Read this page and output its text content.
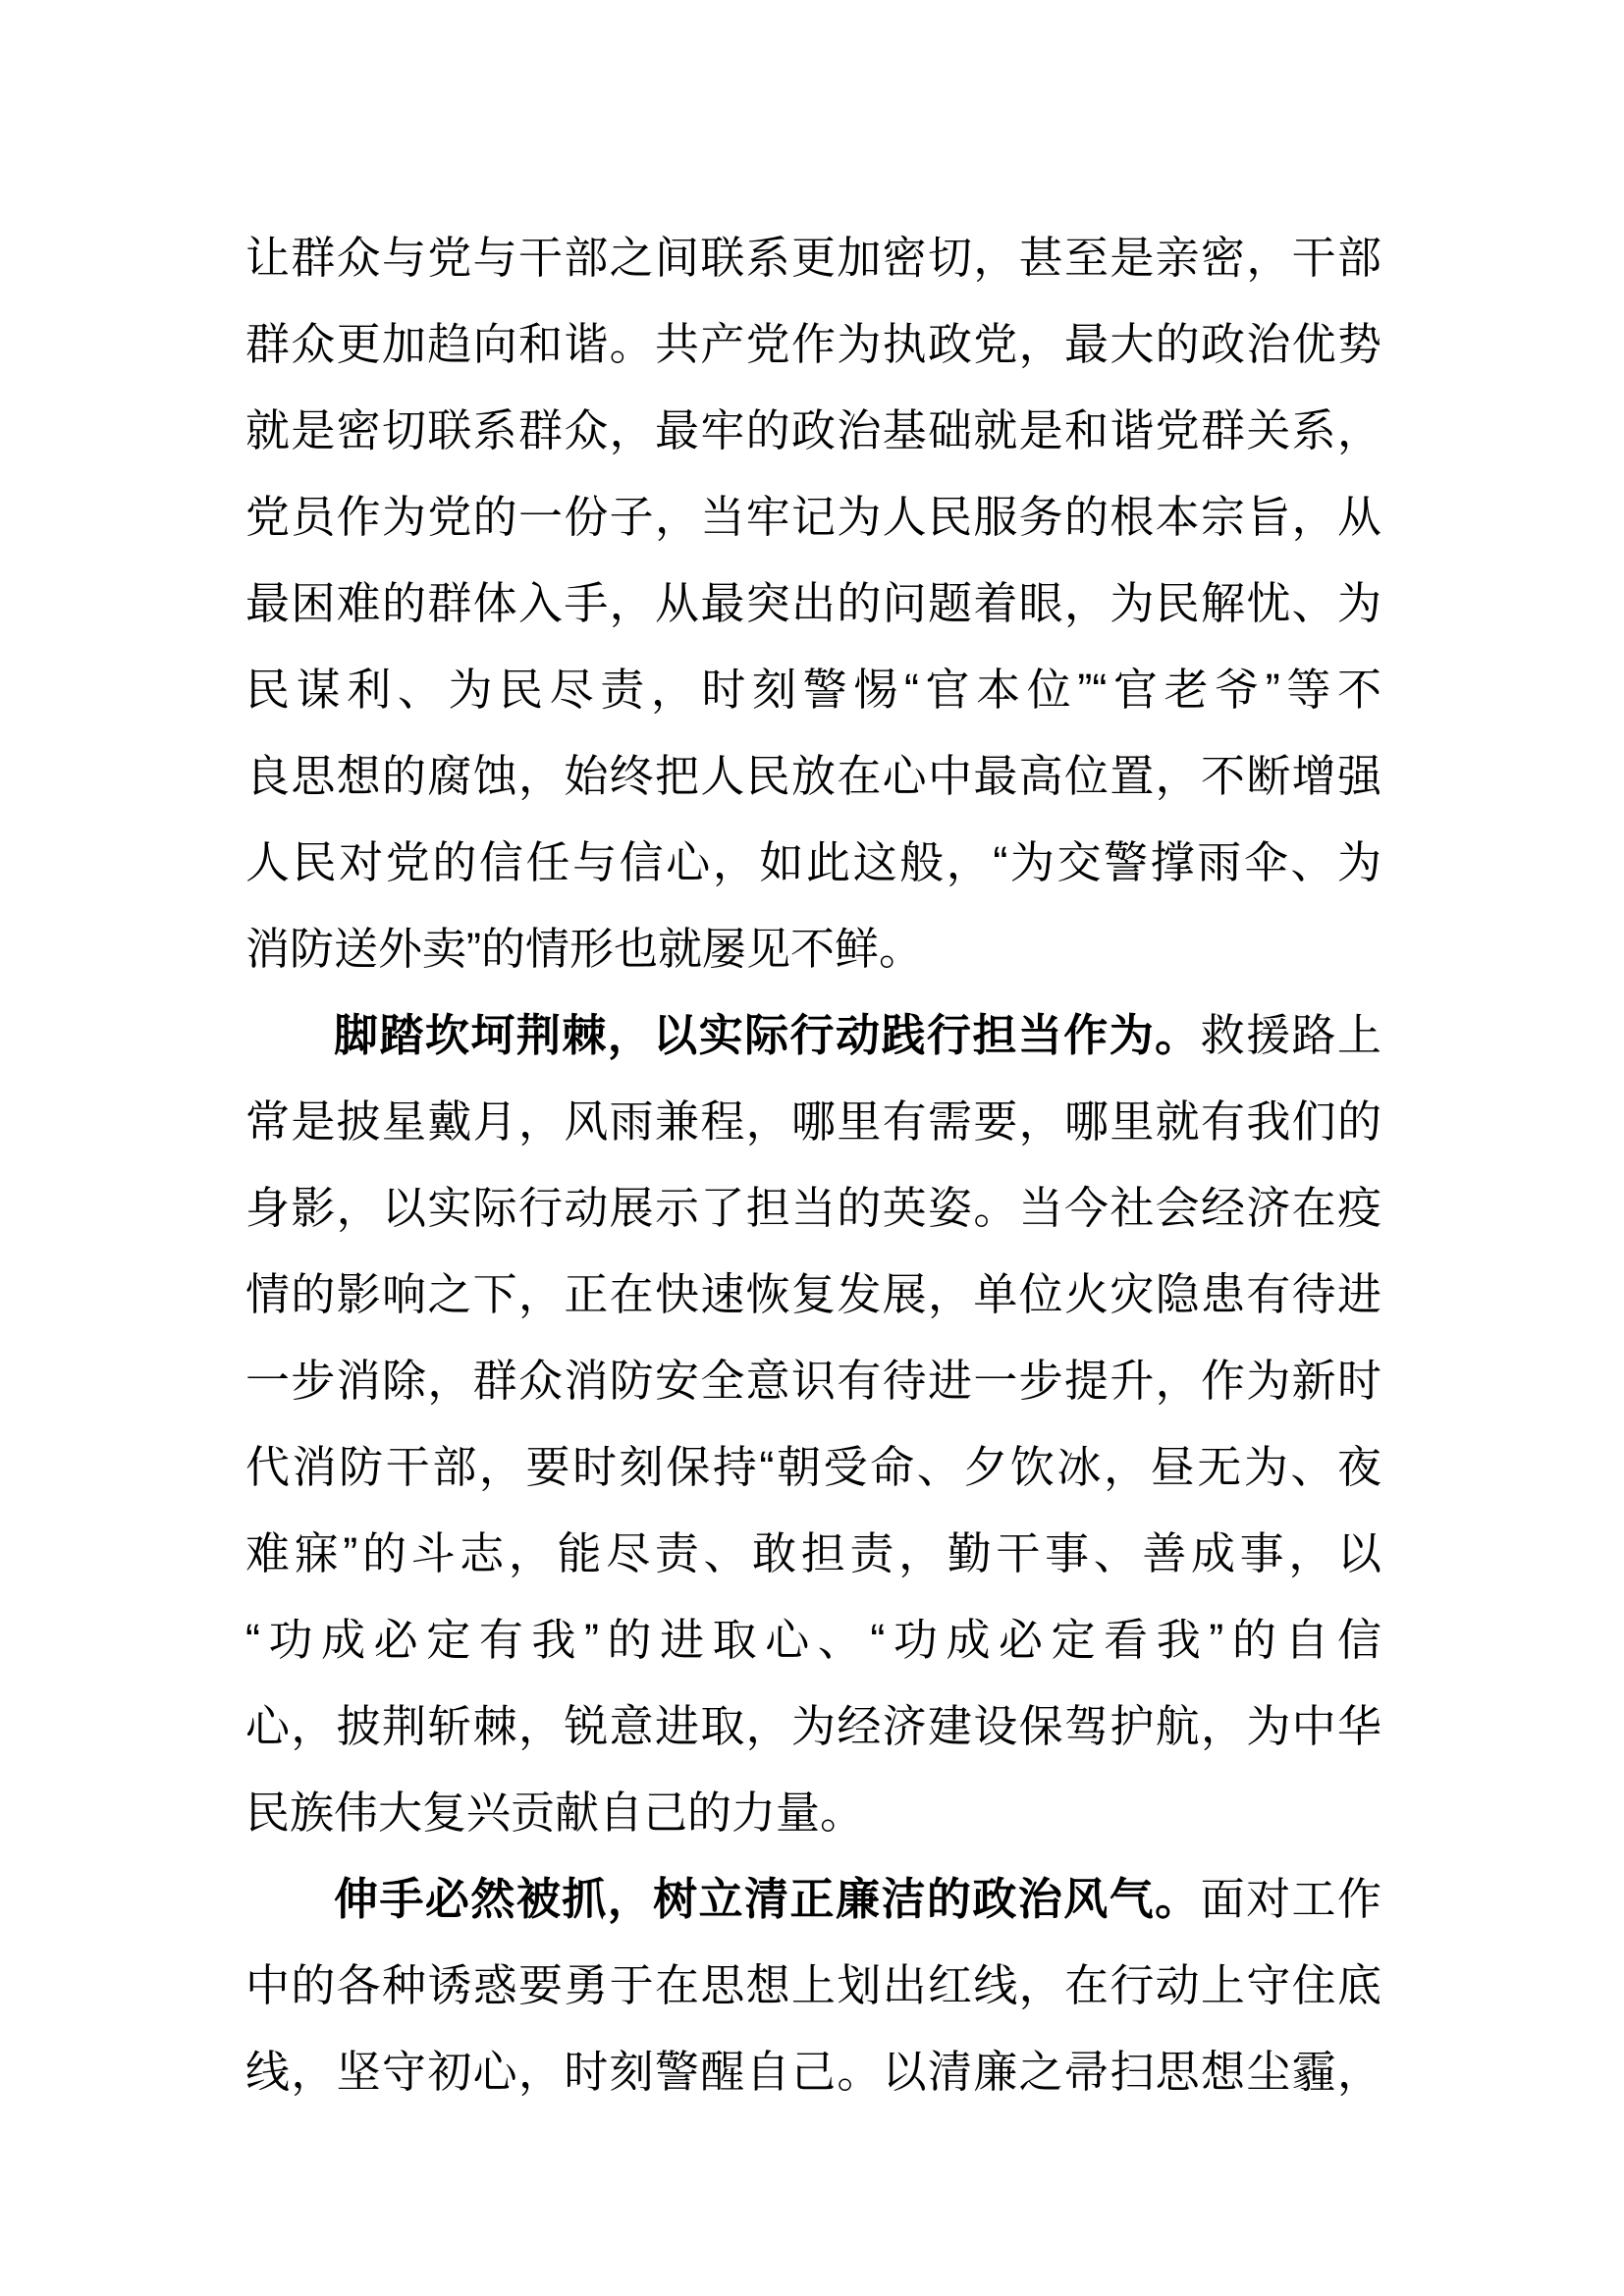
让群众与党与干部之间联系更加密切，甚至是亲密，干部
群众更加趋向和谐。共产党作为执政党，最大的政治优势
就是密切联系群众，最牢的政治基础就是和谐党群关系，
党员作为党的一份子，当牢记为人民服务的根本宗旨，从
最困难的群体入手，从最突出的问题着眼，为民解忧、为
民谋利、为民尽责，时刻警惕“官本位”“官老爷”等不
良思想的腐蚀，始终把人民放在心中最高位置，不断增强
人民对党的信任与信心，如此这般，“为交警撑雨伞、为
消防送外卖”的情形也就屡见不鲜。
脚踏坎坷荆棘，以实际行动践行担当作为。救援路上
常是披星戴月，风雨兼程，哪里有需要，哪里就有我们的
身影，以实际行动展示了担当的英姿。当今社会经济在疫
情的影响之下，正在快速恢复发展，单位火灾隐患有待进
一步消除，群众消防安全意识有待进一步提升，作为新时
代消防干部，要时刻保持“朝受命、夕饮冰，昼无为、夜
难寐”的斗志，能尽责、敢担责，勤干事、善成事，以
“功成必定有我”的进取心、“功成必定看我”的自信
心，披荆斩棘，锐意进取，为经济建设保驾护航，为中华
民族伟大复兴贡献自己的力量。
伸手必然被抓，树立清正廉洁的政治风气。面对工作
中的各种诱惑要勇于在思想上划出红线，在行动上守住底
线，坚守初心，时刻警醒自己。以清廉之帚扫思想尘霾，
